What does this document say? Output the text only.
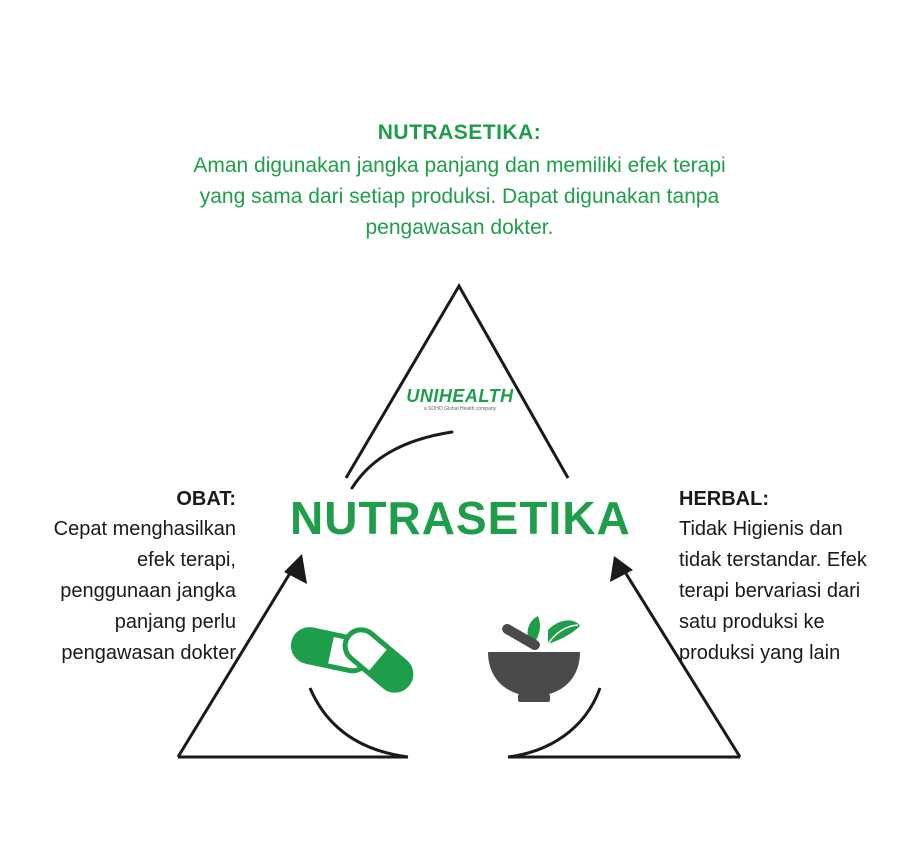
NUTRASETIKA:
Aman digunakan jangka panjang dan memiliki efek terapi
yang sama dari setiap produksi. Dapat digunakan tanpa
pengawasan dokter.
UNIHEALTH
a SOHO Global Health company
NUTRASETIKA
OBAT:
Cepat menghasilkan
efek terapi,
penggunaan jangka
panjang perlu
pengawasan dokter
HERBAL:
Tidak Higienis dan
tidak terstandar. Efek
terapi bervariasi dari
satu produksi ke
produksi yang lain
